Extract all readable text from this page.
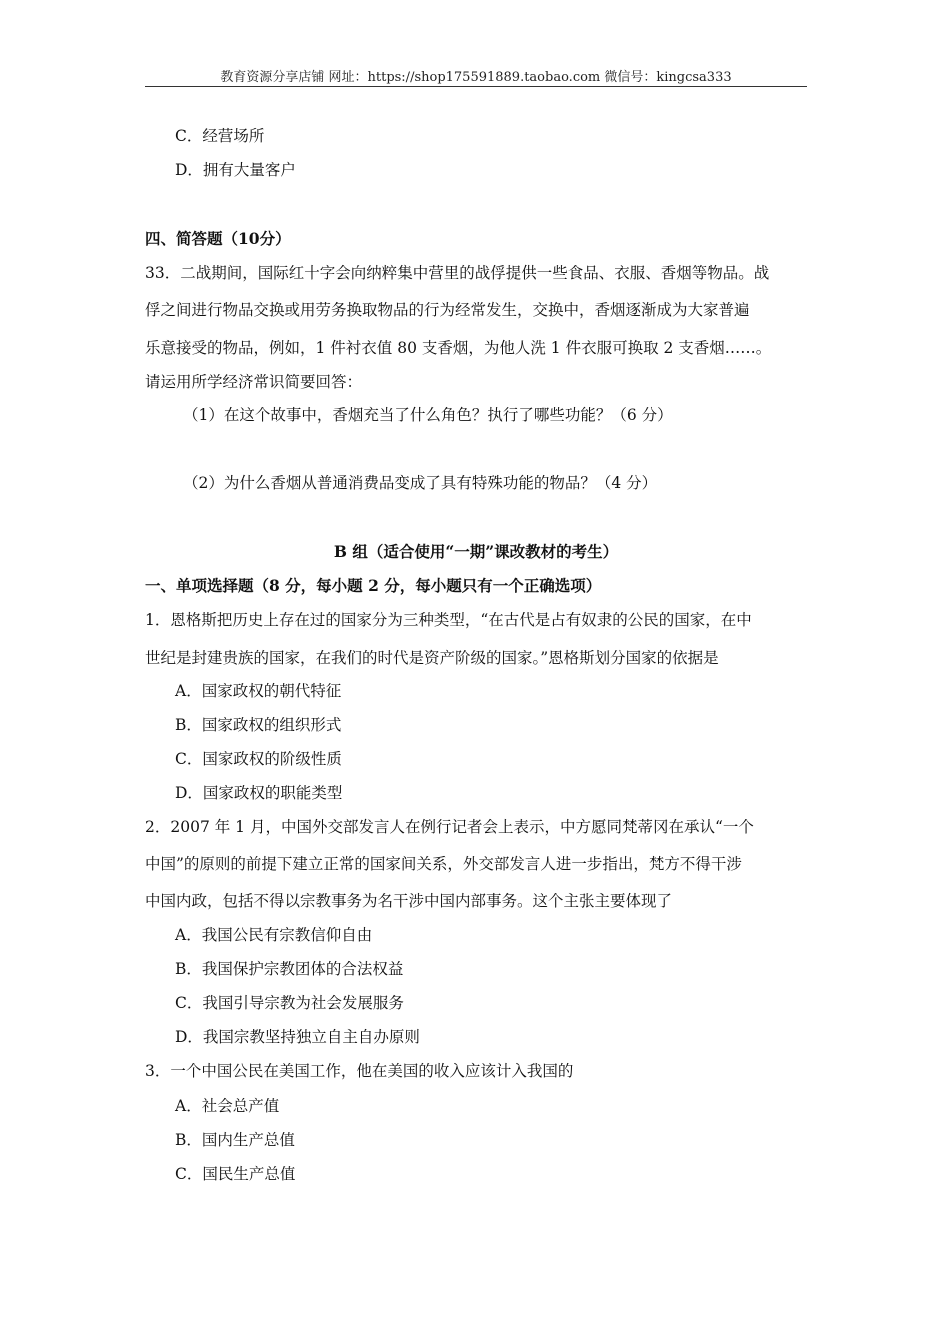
教育资源分享店铺 网址：https://shop175591889.taobao.com 微信号：kingcsa333
C．经营场所
D．拥有大量客户
四、简答题（10分）
33．二战期间，国际红十字会向纳粹集中营里的战俘提供一些食品、衣服、香烟等物品。战
俘之间进行物品交换或用劳务换取物品的行为经常发生，交换中，香烟逐渐成为大家普遍
乐意接受的物品，例如，1 件衬衣值 80 支香烟，为他人洗 1 件衣服可换取 2 支香烟……。
请运用所学经济常识简要回答：
（1）在这个故事中，香烟充当了什么角色？执行了哪些功能？（6 分）
（2）为什么香烟从普通消费品变成了具有特殊功能的物品？（4 分）
B 组（适合使用“一期”课改教材的考生）
一、单项选择题（8 分，每小题 2 分，每小题只有一个正确选项）
1．恩格斯把历史上存在过的国家分为三种类型，“在古代是占有奴隶的公民的国家，在中
世纪是封建贵族的国家，在我们的时代是资产阶级的国家。”恩格斯划分国家的依据是
A．国家政权的朝代特征
B．国家政权的组织形式
C．国家政权的阶级性质
D．国家政权的职能类型
2．2007 年 1 月，中国外交部发言人在例行记者会上表示，中方愿同梵蒂冈在承认“一个
中国”的原则的前提下建立正常的国家间关系，外交部发言人进一步指出，梵方不得干涉
中国内政，包括不得以宗教事务为名干涉中国内部事务。这个主张主要体现了
A．我国公民有宗教信仰自由
B．我国保护宗教团体的合法权益
C．我国引导宗教为社会发展服务
D．我国宗教坚持独立自主自办原则
3．一个中国公民在美国工作，他在美国的收入应该计入我国的
A．社会总产值
B．国内生产总值
C．国民生产总值
